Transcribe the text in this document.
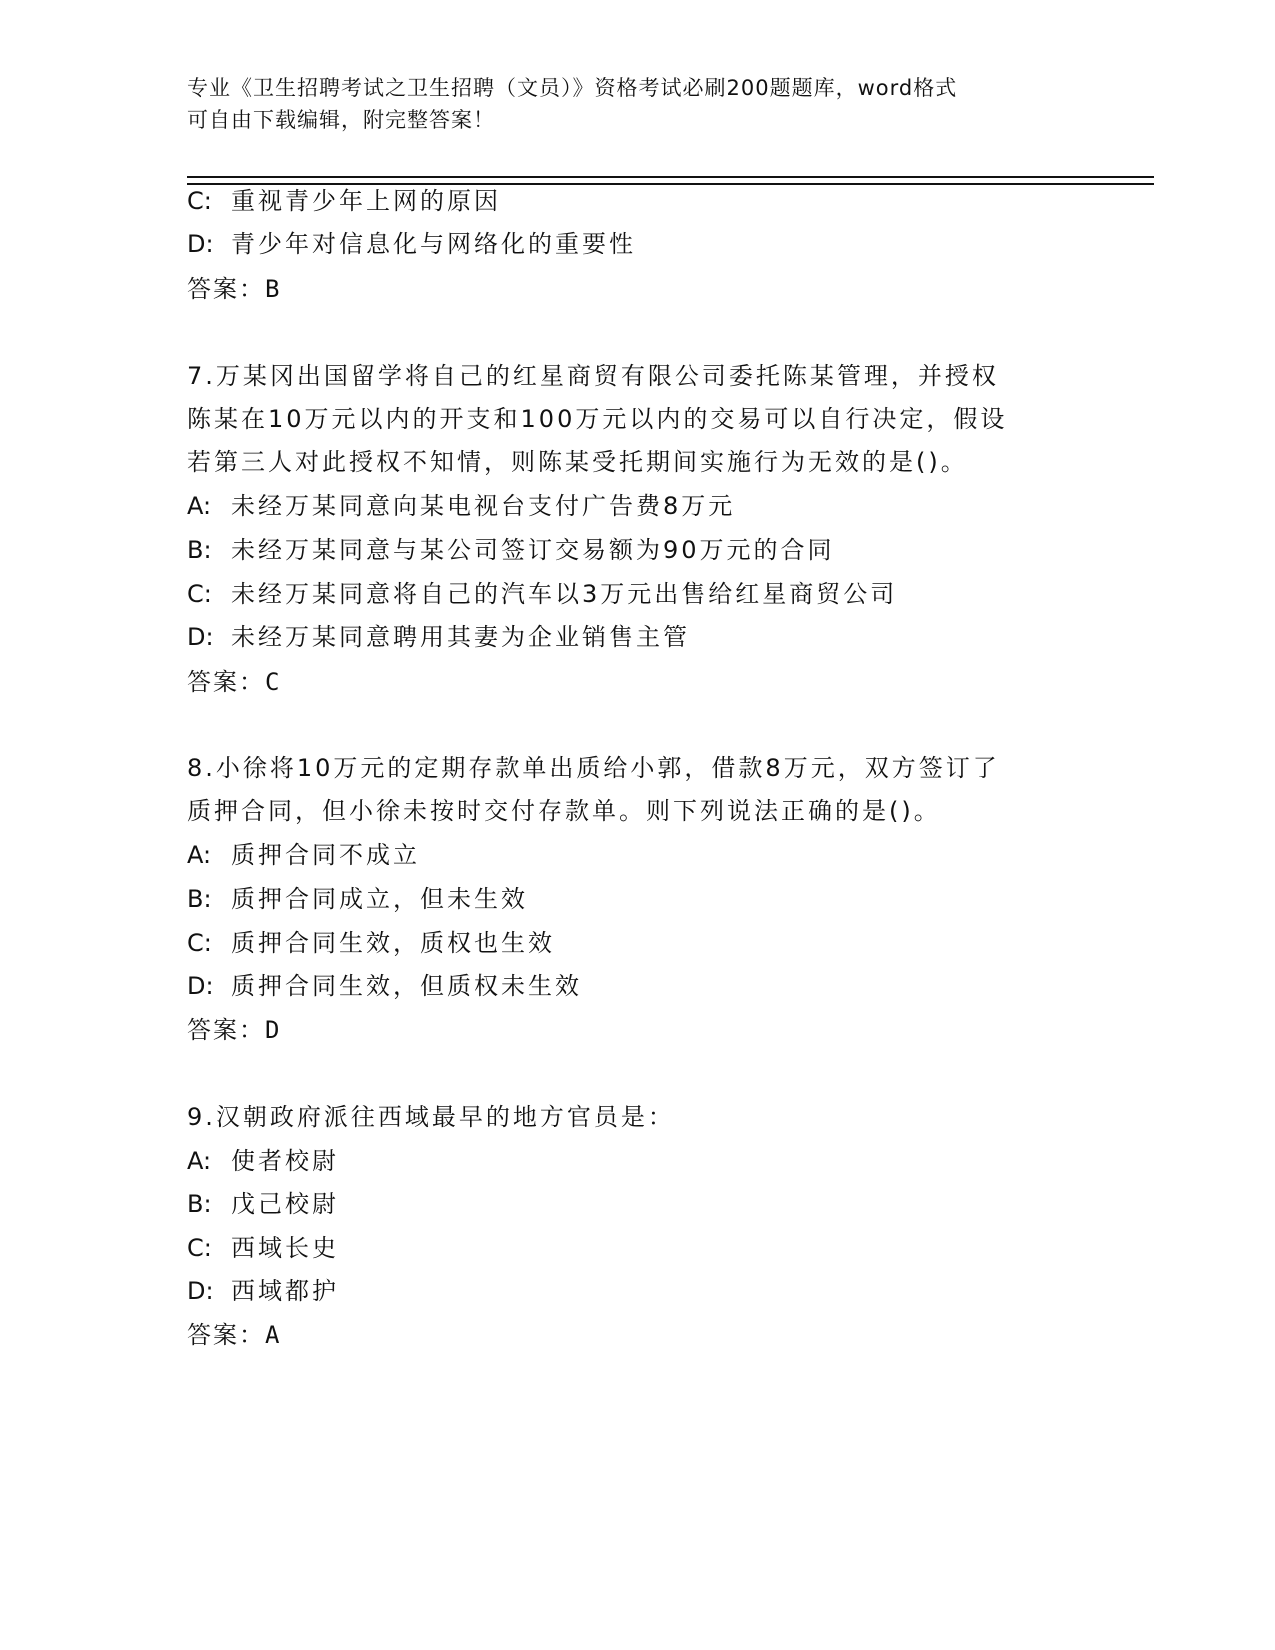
专业《卫生招聘考试之卫生招聘（文员）》资格考试必刷200题题库，word格式
可自由下载编辑，附完整答案！
C: 重视青少年上网的原因
D: 青少年对信息化与网络化的重要性
答案：B
7.万某冈出国留学将自己的红星商贸有限公司委托陈某管理，并授权
陈某在10万元以内的开支和100万元以内的交易可以自行决定，假设
若第三人对此授权不知情，则陈某受托期间实施行为无效的是()。
A: 未经万某同意向某电视台支付广告费8万元
B: 未经万某同意与某公司签订交易额为90万元的合同
C: 未经万某同意将自己的汽车以3万元出售给红星商贸公司
D: 未经万某同意聘用其妻为企业销售主管
答案：C
8.小徐将10万元的定期存款单出质给小郭，借款8万元，双方签订了
质押合同，但小徐未按时交付存款单。则下列说法正确的是()。
A: 质押合同不成立
B: 质押合同成立，但未生效
C: 质押合同生效，质权也生效
D: 质押合同生效，但质权未生效
答案：D
9.汉朝政府派往西域最早的地方官员是：
A: 使者校尉
B: 戊己校尉
C: 西域长史
D: 西域都护
答案：A
